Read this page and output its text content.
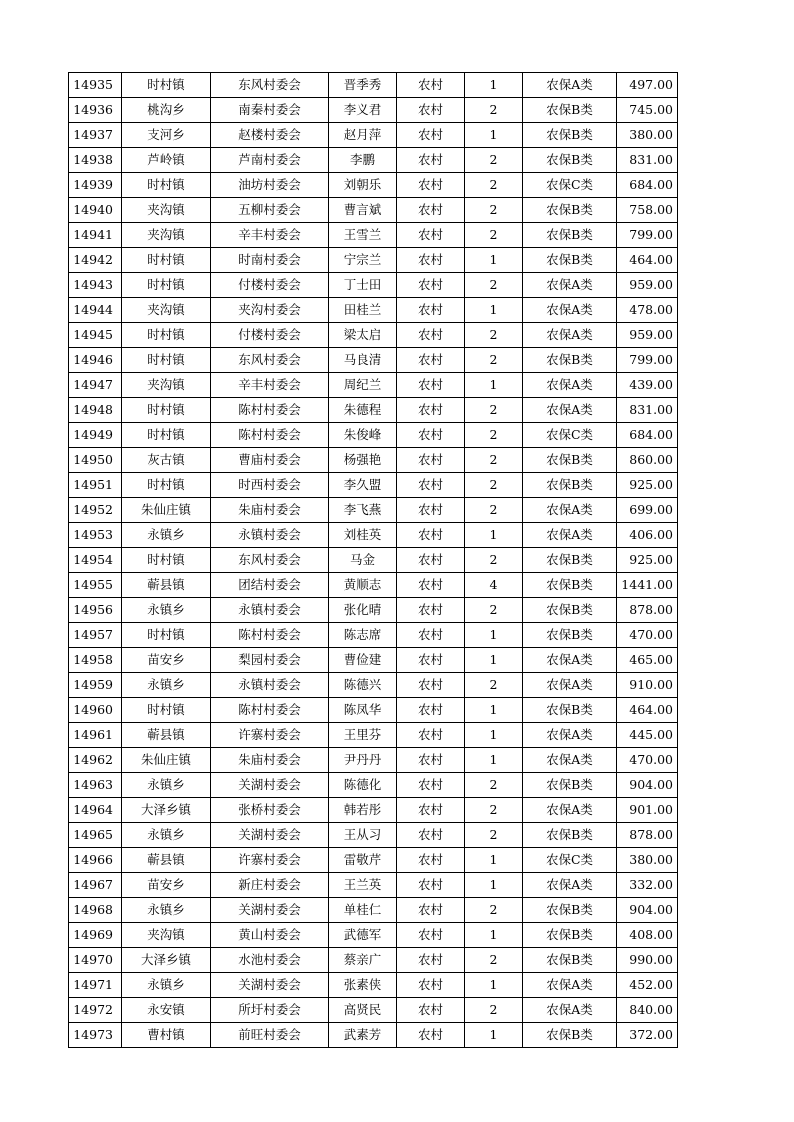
14935	时村镇	东风村委会	晋季秀	农村	1	农保A类	497.00
14936	桃沟乡	南秦村委会	李义君	农村	2	农保B类	745.00
14937	支河乡	赵楼村委会	赵月萍	农村	1	农保B类	380.00
14938	芦岭镇	芦南村委会	李鹏	农村	2	农保B类	831.00
14939	时村镇	油坊村委会	刘朝乐	农村	2	农保C类	684.00
14940	夹沟镇	五柳村委会	曹言斌	农村	2	农保B类	758.00
14941	夹沟镇	辛丰村委会	王雪兰	农村	2	农保B类	799.00
14942	时村镇	时南村委会	宁宗兰	农村	1	农保B类	464.00
14943	时村镇	付楼村委会	丁士田	农村	2	农保A类	959.00
14944	夹沟镇	夹沟村委会	田桂兰	农村	1	农保A类	478.00
14945	时村镇	付楼村委会	梁太启	农村	2	农保A类	959.00
14946	时村镇	东风村委会	马良清	农村	2	农保B类	799.00
14947	夹沟镇	辛丰村委会	周纪兰	农村	1	农保A类	439.00
14948	时村镇	陈村村委会	朱德程	农村	2	农保A类	831.00
14949	时村镇	陈村村委会	朱俊峰	农村	2	农保C类	684.00
14950	灰古镇	曹庙村委会	杨强艳	农村	2	农保B类	860.00
14951	时村镇	时西村委会	李久盟	农村	2	农保B类	925.00
14952	朱仙庄镇	朱庙村委会	李飞燕	农村	2	农保A类	699.00
14953	永镇乡	永镇村委会	刘桂英	农村	1	农保A类	406.00
14954	时村镇	东风村委会	马金	农村	2	农保B类	925.00
14955	蕲县镇	团结村委会	黄顺志	农村	4	农保B类	1441.00
14956	永镇乡	永镇村委会	张化晴	农村	2	农保B类	878.00
14957	时村镇	陈村村委会	陈志席	农村	1	农保B类	470.00
14958	苗安乡	梨园村委会	曹俭建	农村	1	农保A类	465.00
14959	永镇乡	永镇村委会	陈德兴	农村	2	农保A类	910.00
14960	时村镇	陈村村委会	陈凤华	农村	1	农保B类	464.00
14961	蕲县镇	许寨村委会	王里芬	农村	1	农保A类	445.00
14962	朱仙庄镇	朱庙村委会	尹丹丹	农村	1	农保A类	470.00
14963	永镇乡	关湖村委会	陈德化	农村	2	农保B类	904.00
14964	大泽乡镇	张桥村委会	韩若彤	农村	2	农保A类	901.00
14965	永镇乡	关湖村委会	王从习	农村	2	农保B类	878.00
14966	蕲县镇	许寨村委会	雷敬芹	农村	1	农保C类	380.00
14967	苗安乡	新庄村委会	王兰英	农村	1	农保A类	332.00
14968	永镇乡	关湖村委会	单桂仁	农村	2	农保B类	904.00
14969	夹沟镇	黄山村委会	武德军	农村	1	农保B类	408.00
14970	大泽乡镇	水池村委会	蔡亲广	农村	2	农保B类	990.00
14971	永镇乡	关湖村委会	张素侠	农村	1	农保A类	452.00
14972	永安镇	所圩村委会	高贤民	农村	2	农保A类	840.00
14973	曹村镇	前旺村委会	武素芳	农村	1	农保B类	372.00
